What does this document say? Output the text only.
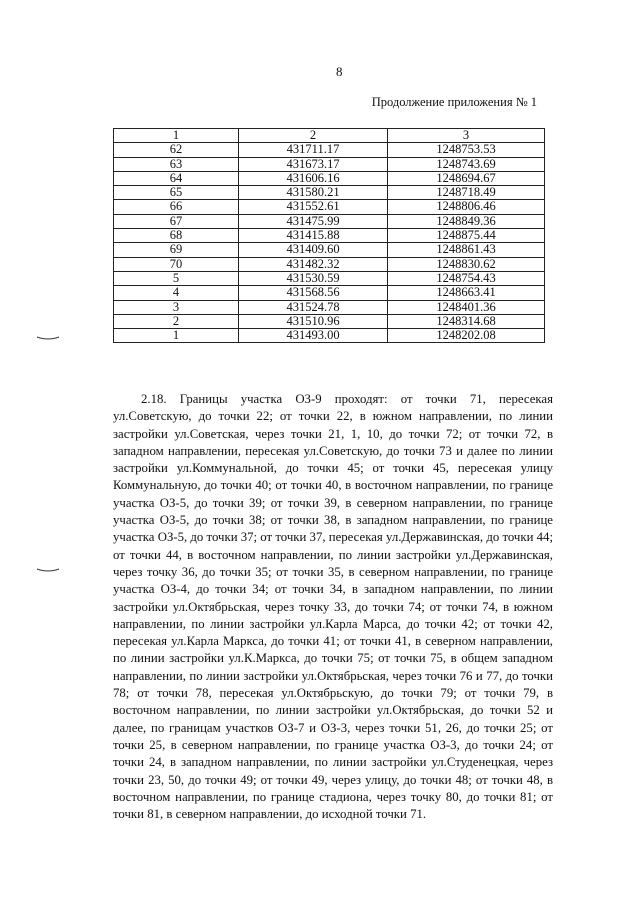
8
Продолжение приложения № 1
1	2	3
62	431711.17	1248753.53
63	431673.17	1248743.69
64	431606.16	1248694.67
65	431580.21	1248718.49
66	431552.61	1248806.46
67	431475.99	1248849.36
68	431415.88	1248875.44
69	431409.60	1248861.43
70	431482.32	1248830.62
5	431530.59	1248754.43
4	431568.56	1248663.41
3	431524.78	1248401.36
2	431510.96	1248314.68
1	431493.00	1248202.08

2.18. Границы участка ОЗ-9 проходят: от точки 71, пересекая ул.Советскую, до точки 22; от точки 22, в южном направлении, по линии застройки ул.Советская, через точки 21, 1, 10, до точки 72; от точки 72, в западном направлении, пересекая ул.Советскую, до точки 73 и далее по линии застройки ул.Коммунальной, до точки 45; от точки 45, пересекая улицу Коммунальную, до точки 40; от точки 40, в восточном направлении, по границе участка ОЗ-5, до точки 39; от точки 39, в северном направлении, по границе участка ОЗ-5, до точки 38; от точки 38, в западном направлении, по границе участка ОЗ-5, до точки 37; от точки 37, пересекая ул.Державинская, до точки 44; от точки 44, в восточном направлении, по линии застройки ул.Державинская, через точку 36, до точки 35; от точки 35, в северном направлении, по границе участка ОЗ-4, до точки 34; от точки 34, в западном направлении, по линии застройки ул.Октябрьская, через точку 33, до точки 74; от точки 74, в южном направлении, по линии застройки ул.Карла Марса, до точки 42; от точки 42, пересекая ул.Карла Маркса, до точки 41; от точки 41, в северном направлении, по линии застройки ул.К.Маркса, до точки 75; от точки 75, в общем западном направлении, по линии застройки ул.Октябрьская, через точки 76 и 77, до точки 78; от точки 78, пересекая ул.Октябрьскую, до точки 79; от точки 79, в восточном направлении, по линии застройки ул.Октябрьская, до точки 52 и далее, по границам участков ОЗ-7 и ОЗ-3, через точки 51, 26, до точки 25; от точки 25, в северном направлении, по границе участка ОЗ-3, до точки 24; от точки 24, в западном направлении, по линии застройки ул.Студенецкая, через точки 23, 50, до точки 49; от точки 49, через улицу, до точки 48; от точки 48, в восточном направлении, по границе стадиона, через точку 80, до точки 81; от точки 81, в северном направлении, до исходной точки 71.
